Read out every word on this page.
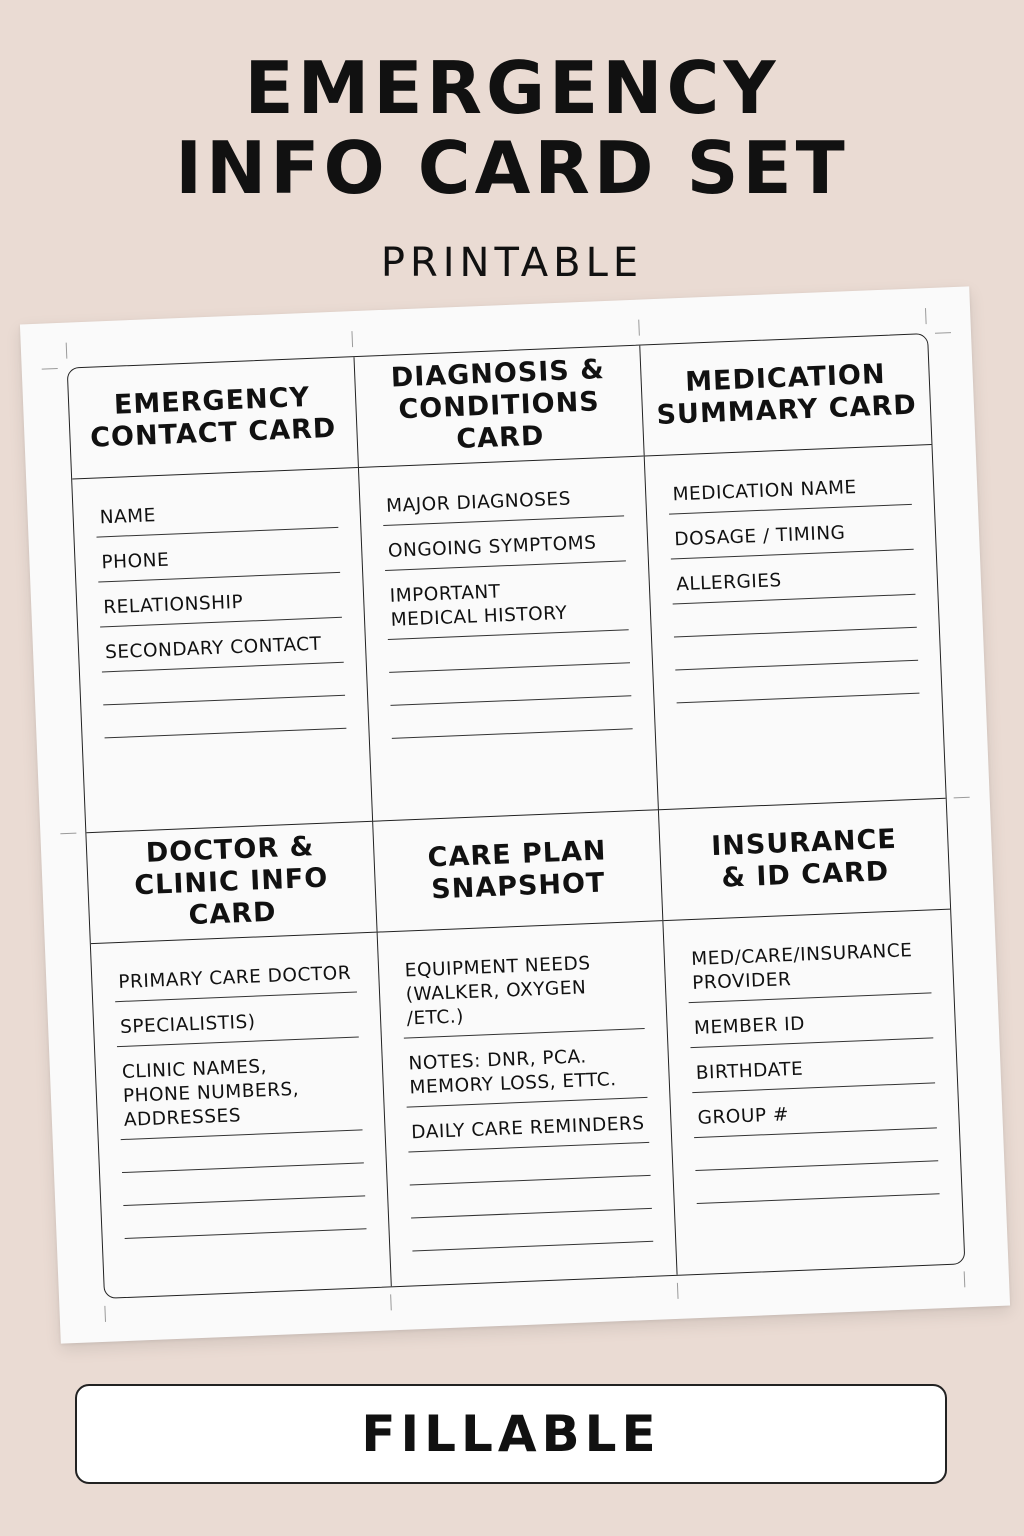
EMERGENCY
INFO CARD SET
PRINTABLE
EMERGENCY
CONTACT CARD
NAME
PHONE
RELATIONSHIP
SECONDARY CONTACT
DIAGNOSIS &
CONDITIONS CARD
MAJOR DIAGNOSES
ONGOING SYMPTOMS
IMPORTANT
MEDICAL HISTORY
MEDICATION
SUMMARY CARD
MEDICATION NAME
DOSAGE / TIMING
ALLERGIES
DOCTOR &
CLINIC INFO CARD
PRIMARY CARE DOCTOR
SPECIALISTIS)
CLINIC NAMES,
PHONE NUMBERS,
ADDRESSES
CARE PLAN
SNAPSHOT
EQUIPMENT NEEDS
(WALKER, OXYGEN /ETC.)
NOTES: DNR, PCA.
MEMORY LOSS, ETTC.
DAILY CARE REMINDERS
INSURANCE
& ID CARD
MED/CARE/INSURANCE
PROVIDER
MEMBER ID
BIRTHDATE
GROUP #
FILLABLE
